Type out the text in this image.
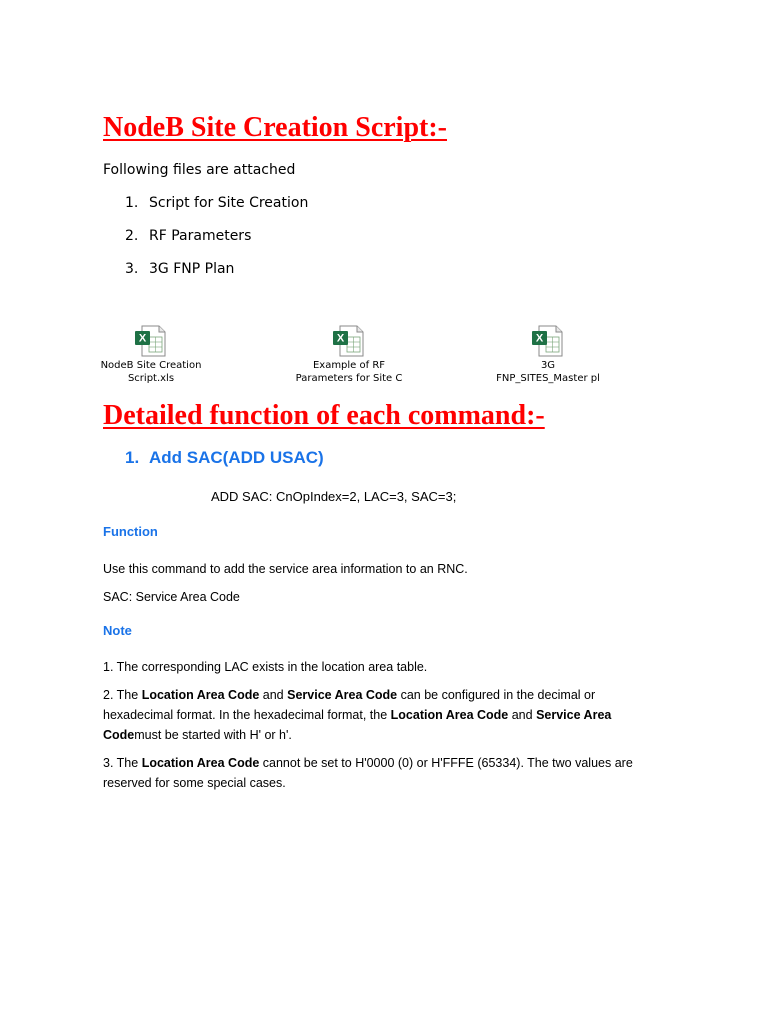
NodeB Site Creation Script:-
Following files are attached
1. Script for Site Creation
2. RF Parameters
3. 3G FNP Plan
X
NodeB Site Creation
Script.xls
X
Example of RF
Parameters for Site C
X
3G
FNP_SITES_Master pl
Detailed function of each command:-
1. Add SAC(ADD USAC)
ADD SAC: CnOpIndex=2, LAC=3, SAC=3;
Function
Use this command to add the service area information to an RNC.
SAC: Service Area Code
Note
1. The corresponding LAC exists in the location area table.
2. The Location Area Code and Service Area Code can be configured in the decimal or hexadecimal format. In the hexadecimal format, the Location Area Code and Service Area Codemust be started with H' or h'.
3. The Location Area Code cannot be set to H'0000 (0) or H'FFFE (65334). The two values are reserved for some special cases.
